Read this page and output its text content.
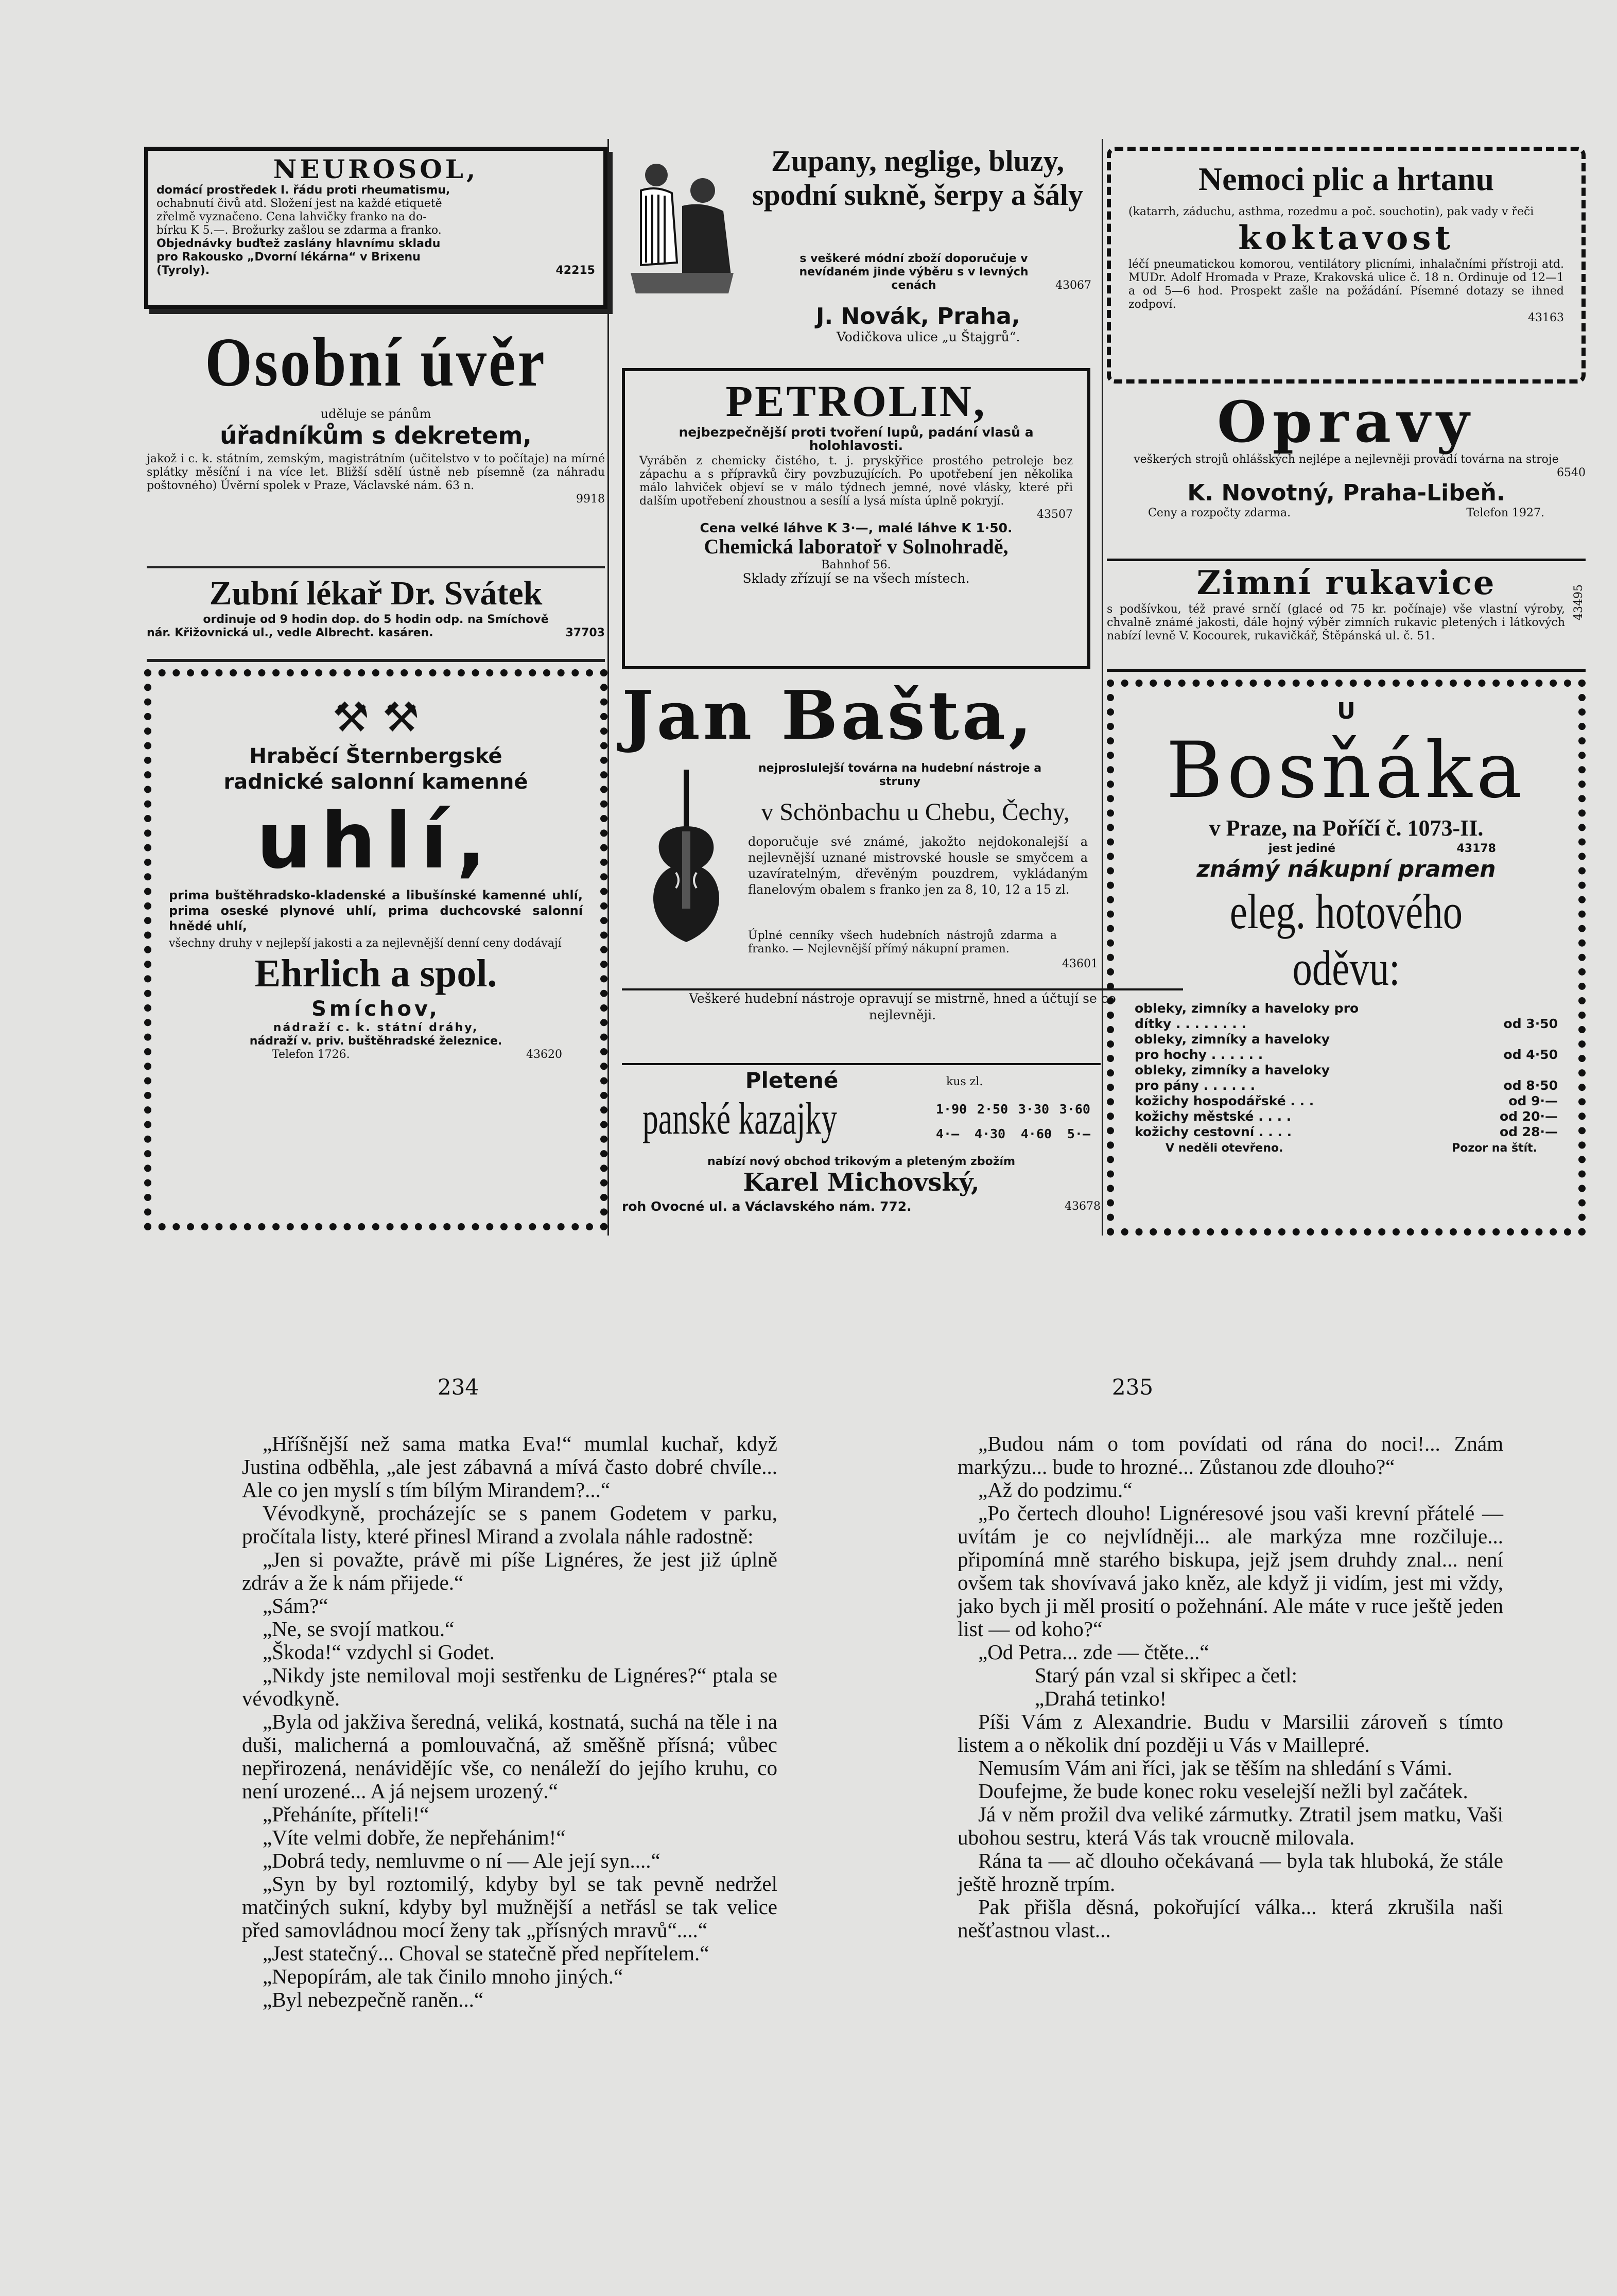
NEUROSOL,
domácí prostředek I. řádu proti rheumatismu,
ochabnutí čivů atd. Složení jest na každé etiquetě
zřelmě vyznačeno. Cena lahvičky franko na do-
bírku K 5.—. Brožurky zašlou se zdarma a franko.
Objednávky buďtež zaslány hlavnímu skladu
pro Rakousko „Dvorní lékárna“ v Brixenu
(Tyroly).	42215
Osobní úvěr
uděluje se pánům
úřadníkům s dekretem,
jakož i c. k. státním, zemským, magistrátním (učitelstvo v to počítaje) na mírné splátky měsíční i na více let. Bližší sdělí ústně neb písemně (za náhradu poštovného) Úvěrní spolek v Praze, Václavské nám. 63 n.
9918
Zubní lékař Dr. Svátek
ordinuje od 9 hodin dop. do 5 hodin odp. na Smíchově
nár. Křižovnická ul., vedle Albrecht. kasáren.	37703
⚒ ⚒
Hraběcí Šternbergské
radnické salonní kamenné
uhlí,
prima buštěhradsko-kladenské a libušínské kamenné uhlí, prima oseské plynové uhlí, prima duchcovské salonní hnědé uhlí,
všechny druhy v nejlepší jakosti a za nejlevnější denní ceny dodávají
Ehrlich a spol.
Smíchov,
nádraží c. k. státní dráhy,
nádraží v. priv. buštěhradské železnice.
Telefon 1726.	43620
Zupany, neglige, bluzy, spodní sukně, šerpy a šály
s veškeré módní zboží doporučuje v nevídaném jinde výběru s v levných cenách	43067
J. Novák, Praha,
Vodičkova ulice „u Štajgrů“.
PETROLIN,
nejbezpečnější proti tvoření lupů, padání vlasů a holohlavosti.
Vyráběn z chemicky čistého, t. j. prysky̆řice prostého petroleje bez zápachu a s přípravků čiry povzbuzujících. Po upotřebení jen několika málo lahviček objeví se v málo týdnech jemné, nové vlásky, které při dalším upotřebení zhoustnou a sesílí a lysá místa úplně pokryjí.
43507
Cena velké láhve K 3·—, malé láhve K 1·50.
Chemická laboratoř v Solnohradě,
Bahnhof 56.
Sklady zřízují se na všech místech.
Jan Bašta,
nejproslulejší továrna na hudební nástroje a struny
v Schönbachu u Chebu, Čechy,
doporučuje své známé, jakožto nejdokonalejší a nejlevnější uznané mistrovské housle se smyčcem a uzavíratelným, dřevěným pouzdrem, vykládaným flanelovým obalem s franko jen za 8, 10, 12 a 15 zl.
Úplné cenníky všech hudebních nástrojů zdarma a franko. — Nejlevnější přímý nákupní pramen.
43601
Veškeré hudební nástroje opravují se mistrně, hned a účtují se co nejlevněji.
Pletené	kus zl.
panské kazajky	1·90 2·50 3·30 3·60
4·— 4·30 4·60 5·—
nabízí nový obchod trikovým a pleteným zbožím
Karel Michovský,
roh Ovocné ul. a Václavského nám. 772.	43678
Nemoci plic a hrtanu
(katarrh, záduchu, asthma, rozedmu a poč. souchotin), pak vady v řeči
koktavost
léčí pneumatickou komorou, ventilátory plicními, inhalačními přístroji atd. MUDr. Adolf Hromada v Praze, Krakovská ulice č. 18 n. Ordinuje od 12—1 a od 5—6 hod. Prospekt zašle na požádání. Písemné dotazy se ihned zodpoví.
43163
Opravy
veškerých strojů ohlášských nejlépe a nejlevněji provádí továrna na stroje
6540
K. Novotný, Praha-Libeň.
Ceny a rozpočty zdarma.	Telefon 1927.
Zimní rukavice
s podšívkou, též pravé srnčí (glacé od 75 kr. počínaje) vše vlastní výroby, chvalně známé jakosti, dále hojný výběr zimních rukavic pletených i látkových nabízí levně V. Kocourek, rukavičkář, Štěpánská ul. č. 51.
43495
U
Bosňáka
v Praze, na Poříčí č. 1073-II.
jest jediné	43178
známý nákupní pramen
eleg. hotového oděvu:
obleky, zimníky a haveloky pro
dítky . . . . . . . .	od 3·50
obleky, zimníky a haveloky
pro hochy . . . . . .	od 4·50
obleky, zimníky a haveloky
pro pány . . . . . .	od 8·50
kožichy hospodářské . . .	od 9·—
kožichy městské . . . .	od 20·—
kožichy cestovní . . . .	od 28·—
V neděli otevřeno.	Pozor na štít.
234

„Hříšnější než sama matka Eva!“ mumlal kuchař, když Justina odběhla, „ale jest zábavná a mívá často dobré chvíle... Ale co jen myslí s tím bílým Mirandem?...“

Vévodkyně, procházejíc se s panem Godetem v parku, pročítala listy, které přinesl Mirand a zvolala náhle radostně:

„Jen si považte, právě mi píše Lignéres, že jest již úplně zdráv a že k nám přijede.“

„Sám?“

„Ne, se svojí matkou.“

„Škoda!“ vzdychl si Godet.

„Nikdy jste nemiloval moji sestřenku de Lignéres?“ ptala se vévodkyně.

„Byla od jakživa šeredná, veliká, kostnatá, suchá na těle i na duši, malicherná a pomlouvačná, až směšně přísná; vůbec nepřirozená, nenávidějíc vše, co nenáleží do jejího kruhu, co není urozené... A já nejsem urozený.“

„Přeháníte, příteli!“

„Víte velmi dobře, že nepřehánim!“

„Dobrá tedy, nemluvme o ní — Ale její syn....“

„Syn by byl roztomilý, kdyby byl se tak pevně nedržel matčiných sukní, kdyby byl mužnější a netřásl se tak velice před samovládnou mocí ženy tak „přísných mravů“....“

„Jest statečný... Choval se statečně před nepřítelem.“

„Nepopírám, ale tak činilo mnoho jiných.“

„Byl nebezpečně raněn...“

235

„Budou nám o tom povídati od rána do noci!... Znám markýzu... bude to hrozné... Zůstanou zde dlouho?“

„Až do podzimu.“

„Po čertech dlouho! Lignéresové jsou vaši krevní přátelé — uvítám je co nejvlídněji... ale markýza mne rozčiluje... připomíná mně starého biskupa, jejž jsem druhdy znal... není ovšem tak shovívavá jako kněz, ale když ji vidím, jest mi vždy, jako bych ji měl prosití o požehnání. Ale máte v ruce ještě jeden list — od koho?“

„Od Petra... zde — čtěte...“

Starý pán vzal si skřipec a četl:

„Drahá tetinko!

Píši Vám z Alexandrie. Budu v Marsilii zároveň s tímto listem a o několik dní později u Vás v Maillepré.

Nemusím Vám ani říci, jak se těším na shledání s Vámi.

Doufejme, že bude konec roku veselejší nežli byl začátek.

Já v něm prožil dva veliké zármutky. Ztratil jsem matku, Vaši ubohou sestru, která Vás tak vroucně milovala.

Rána ta — ač dlouho očekávaná — byla tak hluboká, že stále ještě hrozně trpím.

Pak přišla děsná, pokořující válka... která zkrušila naši nešťastnou vlast...
